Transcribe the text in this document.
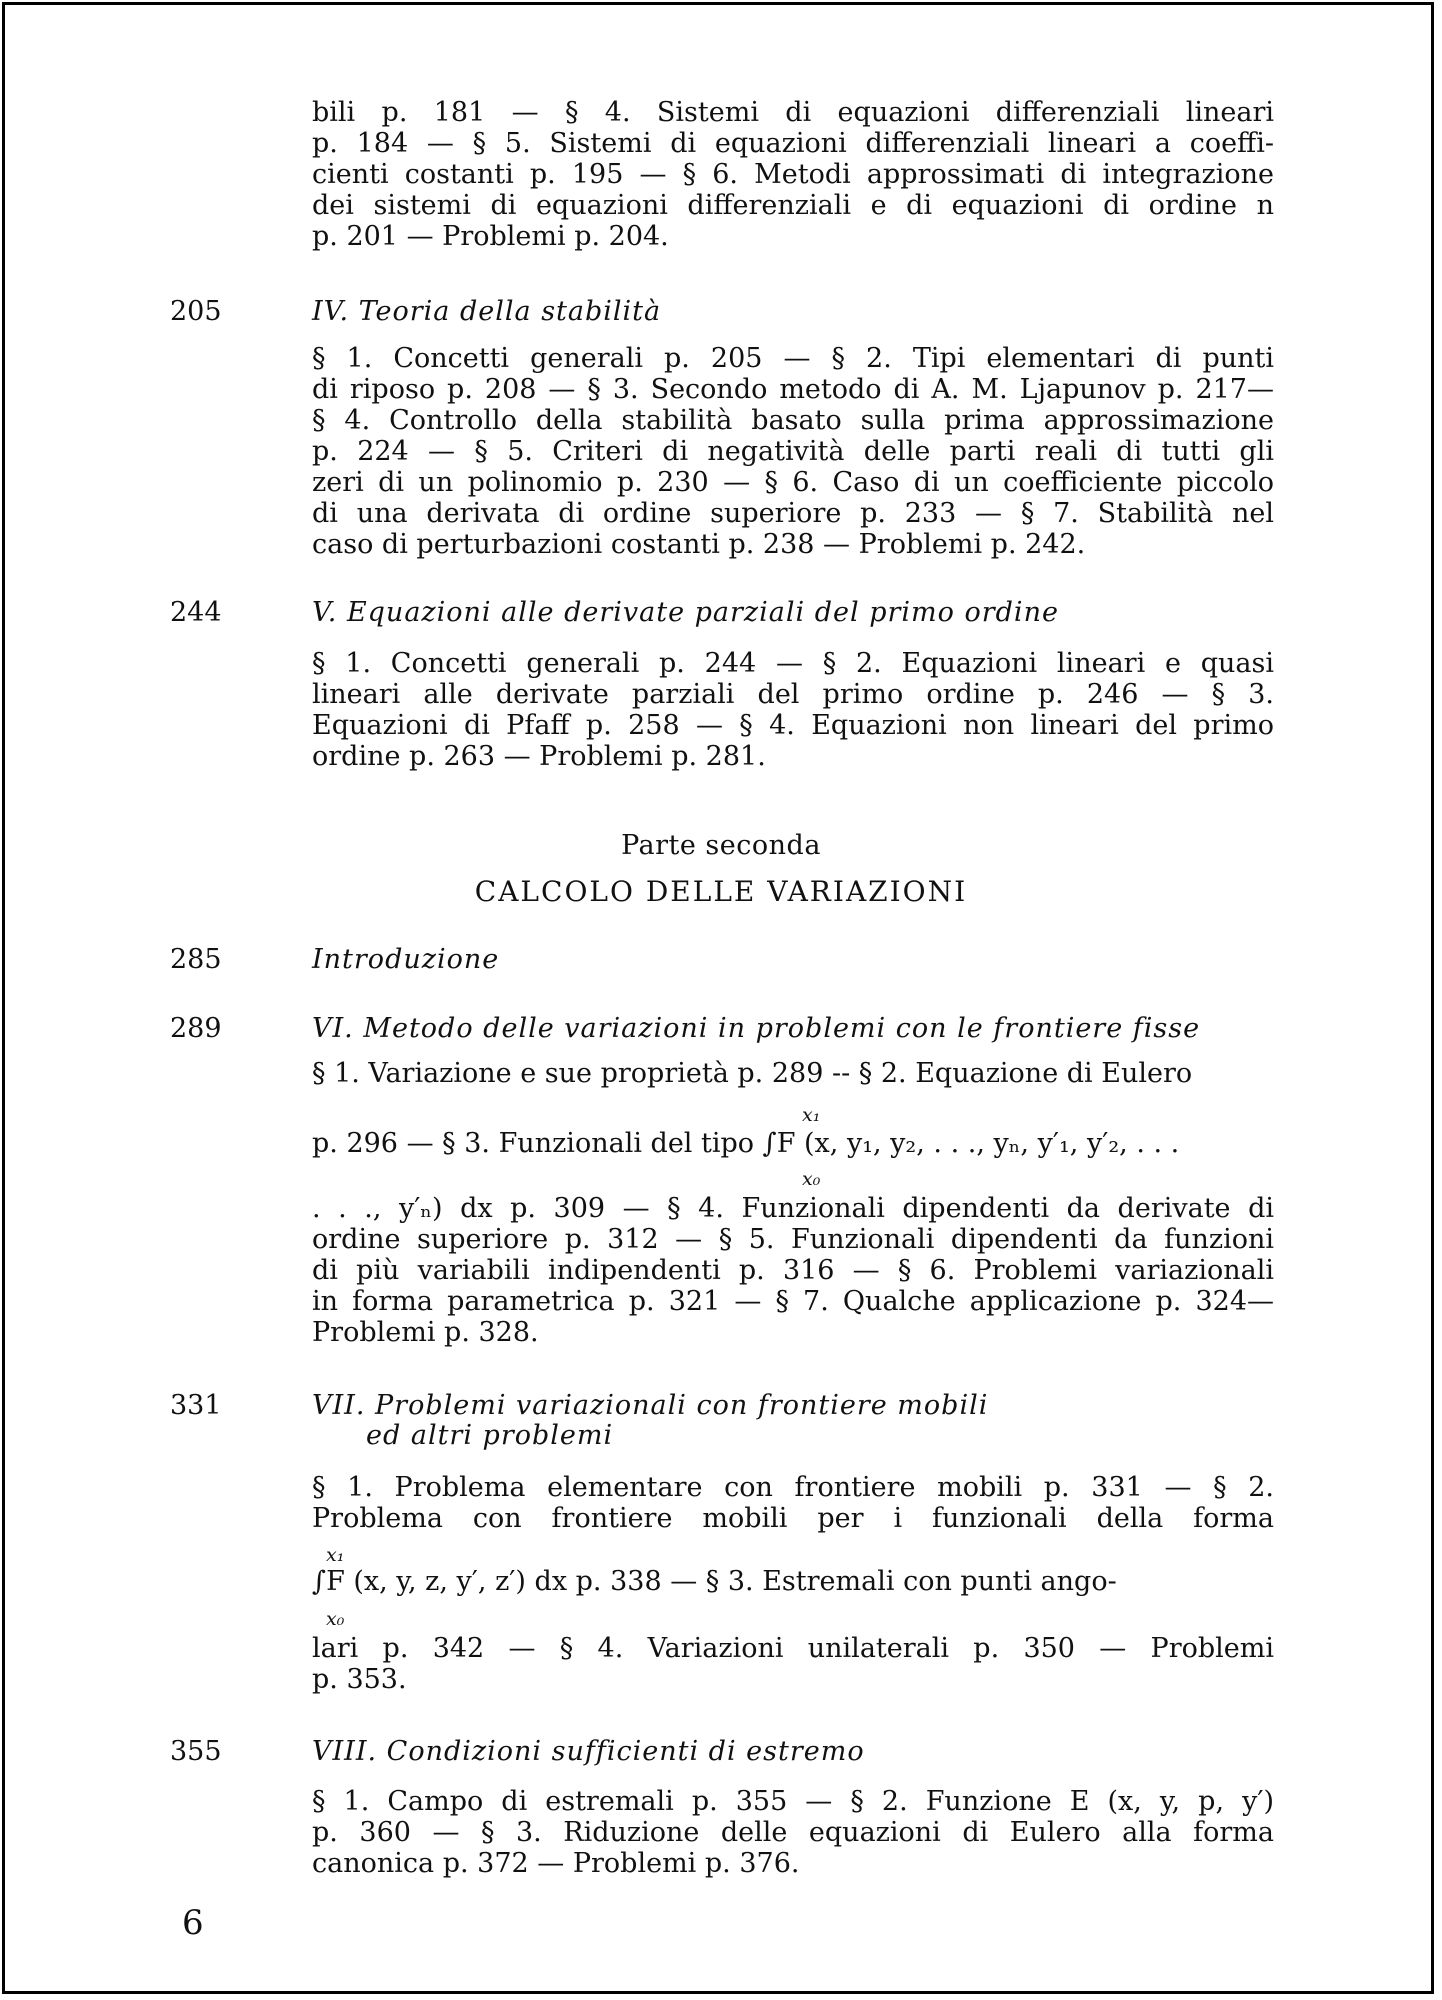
bili p. 181 — § 4. Sistemi di equazioni differenziali lineari
p. 184 — § 5. Sistemi di equazioni differenziali lineari a coeffi-
cienti costanti p. 195 — § 6. Metodi approssimati di integrazione
dei sistemi di equazioni differenziali e di equazioni di ordine n
p. 201 — Problemi p. 204.
205	IV. Teoria della stabilità
§ 1. Concetti generali p. 205 — § 2. Tipi elementari di punti
di riposo p. 208 — § 3. Secondo metodo di A. M. Ljapunov p. 217—
§ 4. Controllo della stabilità basato sulla prima approssimazione
p. 224 — § 5. Criteri di negatività delle parti reali di tutti gli
zeri di un polinomio p. 230 — § 6. Caso di un coefficiente piccolo
di una derivata di ordine superiore p. 233 — § 7. Stabilità nel
caso di perturbazioni costanti p. 238 — Problemi p. 242.
244	V. Equazioni alle derivate parziali del primo ordine
§ 1. Concetti generali p. 244 — § 2. Equazioni lineari e quasi
lineari alle derivate parziali del primo ordine p. 246 — § 3.
Equazioni di Pfaff p. 258 — § 4. Equazioni non lineari del primo
ordine p. 263 — Problemi p. 281.
Parte seconda
CALCOLO DELLE VARIAZIONI
285	Introduzione
289	VI. Metodo delle variazioni in problemi con le frontiere fisse
§ 1. Variazione e sue proprietà p. 289 -- § 2. Equazione di Eulero
x₁
p. 296 — § 3. Funzionali del tipo ∫F (x, y₁, y₂, . . ., yₙ, y′₁, y′₂, . . .
x₀
. . ., y′ₙ) dx p. 309 — § 4. Funzionali dipendenti da derivate di
ordine superiore p. 312 — § 5. Funzionali dipendenti da funzioni
di più variabili indipendenti p. 316 — § 6. Problemi variazionali
in forma parametrica p. 321 — § 7. Qualche applicazione p. 324—
Problemi p. 328.
331	VII. Problemi variazionali con frontiere mobili
ed altri problemi
§ 1. Problema elementare con frontiere mobili p. 331 — § 2.
Problema con frontiere mobili per i funzionali della forma
x₁
∫F (x, y, z, y′, z′) dx p. 338 — § 3. Estremali con punti ango-
x₀
lari p. 342 — § 4. Variazioni unilaterali p. 350 — Problemi
p. 353.
355	VIII. Condizioni sufficienti di estremo
§ 1. Campo di estremali p. 355 — § 2. Funzione E (x, y, p, y′)
p. 360 — § 3. Riduzione delle equazioni di Eulero alla forma
canonica p. 372 — Problemi p. 376.
6
